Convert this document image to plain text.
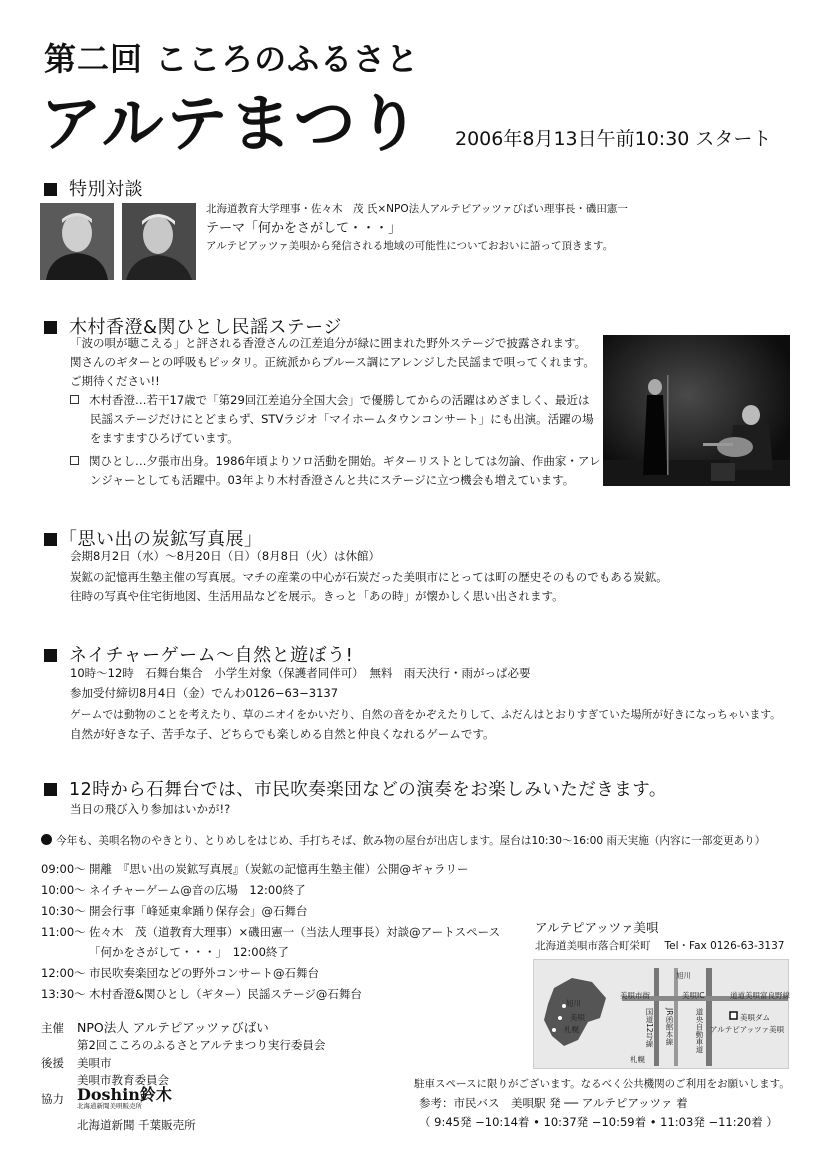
第二回 こころのふるさと
アルテまつり 2006年8月13日午前10:30 スタート
特別対談
北海道教育大学理事・佐々木　茂 氏×NPO法人アルテピアッツァびばい理事長・磯田憲一
テーマ「何かをさがして・・・」
アルテピアッツァ美唄から発信される地域の可能性についておおいに語って頂きます。
木村香澄&関ひとし民謡ステージ
「波の唄が聴こえる」と評される香澄さんの江差追分が緑に囲まれた野外ステージで披露されます。
関さんのギターとの呼吸もピッタリ。正統派からブルース調にアレンジした民謡まで唄ってくれます。
ご期待ください!!
木村香澄…若干17歳で「第29回江差追分全国大会」で優勝してからの活躍はめざましく、最近は
民謡ステージだけにとどまらず、STVラジオ「マイホームタウンコンサート」にも出演。活躍の場
をますますひろげています。
関ひとし…夕張市出身。1986年頃よりソロ活動を開始。ギターリストとしては勿論、作曲家・アレ
ンジャーとしても活躍中。03年より木村香澄さんと共にステージに立つ機会も増えています。
「思い出の炭鉱写真展」
会期8月2日（水）〜8月20日（日）（8月8日（火）は休館）
炭鉱の記憶再生塾主催の写真展。マチの産業の中心が石炭だった美唄市にとっては町の歴史そのものでもある炭鉱。
往時の写真や住宅街地図、生活用品などを展示。きっと「あの時」が懐かしく思い出されます。
ネイチャーゲーム〜自然と遊ぼう!
10時〜12時　石舞台集合　小学生対象（保護者同伴可）　無料　雨天決行・雨がっぱ必要
参加受付締切8月4日（金）でんわ0126−63−3137
ゲームでは動物のことを考えたり、草のニオイをかいだり、自然の音をかぞえたりして、ふだんはとおりすぎていた場所が好きになっちゃいます。
自然が好きな子、苦手な子、どちらでも楽しめる自然と仲良くなれるゲームです。
12時から石舞台では、市民吹奏楽団などの演奏をお楽しみいただきます。
当日の飛び入り参加はいかが!?
今年も、美唄名物のやきとり、とりめしをはじめ、手打ちそば、飲み物の屋台が出店します。屋台は10:30〜16:00 雨天実施（内容に一部変更あり）
09:00〜 開離　『思い出の炭鉱写真展』（炭鉱の記憶再生塾主催）公開@ギャラリー
10:00〜 ネイチャーゲーム@音の広場　12:00終了
10:30〜 開会行事「峰延東傘踊り保存会」@石舞台
11:00〜 佐々木　茂（道教育大理事）×磯田憲一（当法人理事長）対談@アートスペース
「何かをさがして・・・」　12:00終了
12:00〜 市民吹奏楽団などの野外コンサート@石舞台
13:30〜 木村香澄&関ひとし（ギター）民謡ステージ@石舞台
主催 NPO法人 アルテピアッツァびばい
第2回こころのふるさとアルテまつり実行委員会
後援 美唄市
美唄市教育委員会
協力 Doshin鈴木
北海道新聞美唄販売所
北海道新聞 千葉販売所
アルテピアッツァ美唄
北海道美唄市落合町栄町 Tel・Fax 0126-63-3137
旭川
美唄
札幌
旭川
美唄市街	美唄IC	道道美唄富良野線
美唄ダム
アルテピアッツァ美唄
国道12号線 JR函館本線	道央自動車道
札幌
駐車スペースに限りがございます。なるべく公共機関のご利用をお願いします。
参考：市民バス　美唄駅 発 ── アルテピアッツァ 着
（ 9:45発 −10:14着 • 10:37発 −10:59着 • 11:03発 −11:20着 ）
